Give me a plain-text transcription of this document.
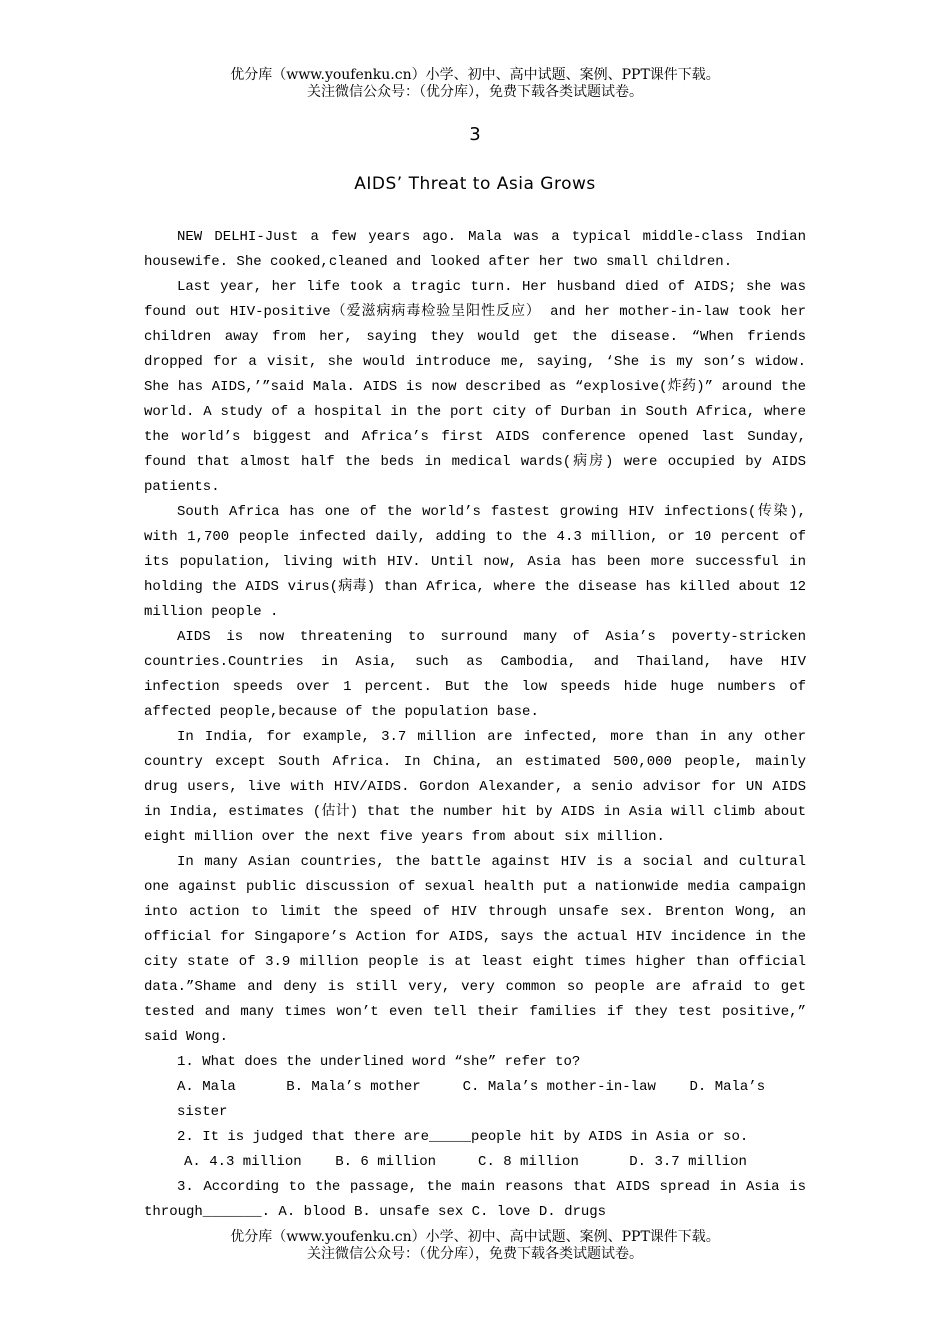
优分库（www.youfenku.cn）小学、初中、高中试题、案例、PPT课件下载。
关注微信公众号：（优分库），免费下载各类试题试卷。
3
AIDS’ Threat to Asia Grows

NEW DELHI-Just a few years ago. Mala was a typical middle-class Indian housewife. She cooked,cleaned and looked after her two small children.

Last year, her life took a tragic turn. Her husband died of AIDS; she was found out HIV-positive（爱滋病病毒检验呈阳性反应） and her mother-in-law took her children away from her, saying they would get the disease. “When friends dropped for a visit, she would introduce me, saying, ‘She is my son’s widow. She has AIDS,’”said Mala. AIDS is now described as “explosive(炸药)” around the world. A study of a hospital in the port city of Durban in South Africa, where the world’s biggest and Africa’s first AIDS conference opened last Sunday, found that almost half the beds in medical wards(病房) were occupied by AIDS patients.

South Africa has one of the world’s fastest growing HIV infections(传染), with 1,700 people infected daily, adding to the 4.3 million, or 10 percent of its population, living with HIV. Until now, Asia has been more successful in holding the AIDS virus(病毒) than Africa, where the disease has killed about 12 million people .

AIDS is now threatening to surround many of Asia’s poverty-stricken countries.Countries in Asia, such as Cambodia, and Thailand, have HIV infection speeds over 1 percent. But the low speeds hide huge numbers of affected people,because of the population base.

In India, for example, 3.7 million are infected, more than in any other country except South Africa. In China, an estimated 500,000 people, mainly drug users, live with HIV/AIDS. Gordon Alexander, a senio advisor for UN AIDS in India, estimates (估计) that the number hit by AIDS in Asia will climb about eight million over the next five years from about six million.

In many Asian countries, the battle against HIV is a social and cultural one against public discussion of sexual health put a nationwide media campaign into action to limit the speed of HIV through unsafe sex. Brenton Wong, an official for Singapore’s Action for AIDS, says the actual HIV incidence in the city state of 3.9 million people is at least eight times higher than official data.”Shame and deny is still very, very common so people are afraid to get tested and many times won’t even tell their families if they test positive,” said Wong.

1. What does the underlined word “she” refer to?
A. Mala      B. Mala’s mother     C. Mala’s mother-in-law    D. Mala’s sister
2. It is judged that there are_____people hit by AIDS in Asia or so.
A. 4.3 million    B. 6 million     C. 8 million      D. 3.7 million

3. According to the passage, the main reasons that AIDS spread in Asia is through_______. A. blood B. unsafe sex C. love D. drugs

优分库（www.youfenku.cn）小学、初中、高中试题、案例、PPT课件下载。
关注微信公众号：（优分库），免费下载各类试题试卷。
